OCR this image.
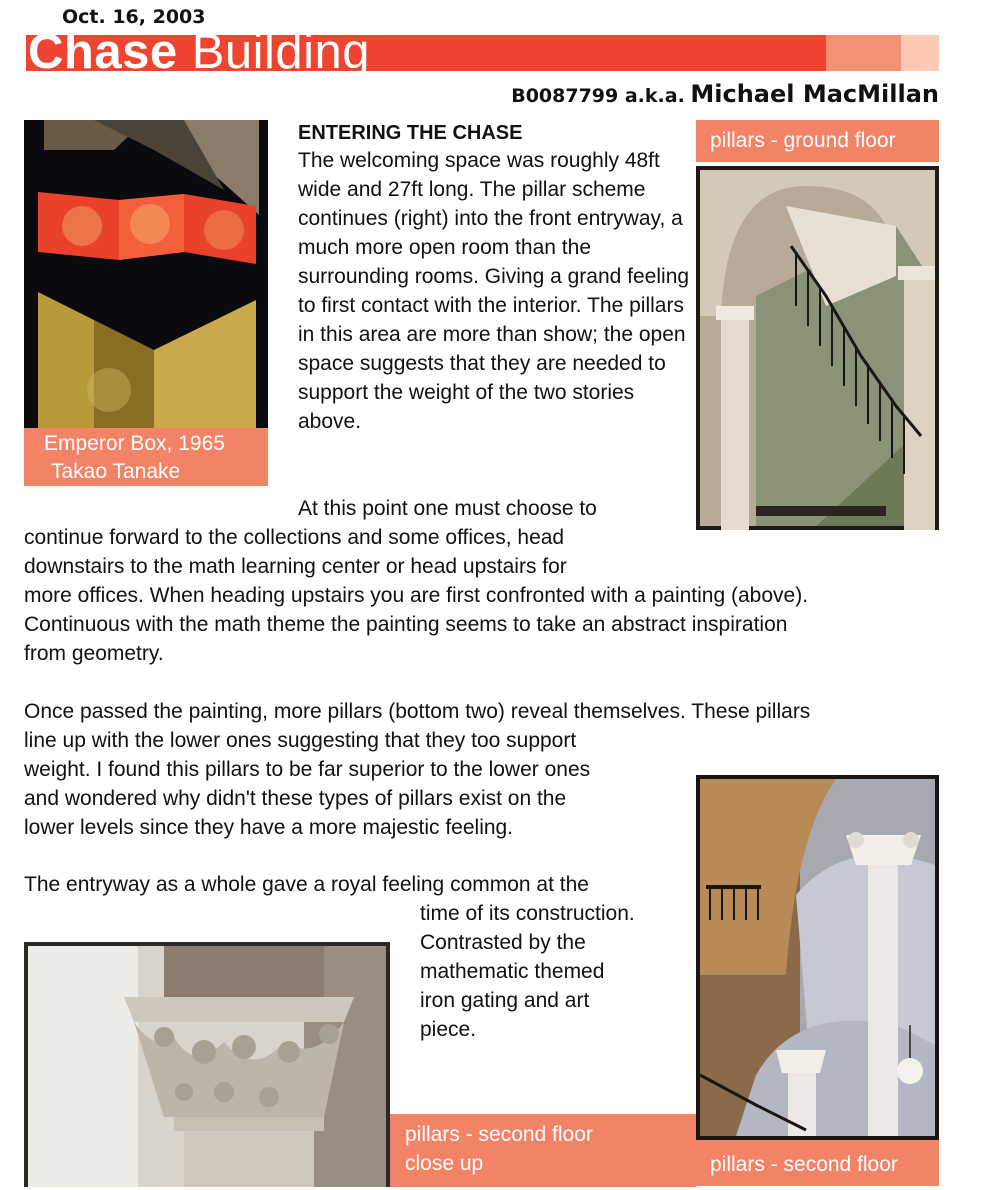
Oct. 16, 2003
Chase Building
B0087799 a.k.a. Michael MacMillan
Emperor Box, 1965
Takao Tanake
pillars - ground floor
ENTERING THE CHASE
The welcoming space was roughly 48ft wide and 27ft long. The pillar scheme continues (right) into the front entryway, a much more open room than the surrounding rooms. Giving a grand feeling to first contact with the interior. The pillars in this area are more than show; the open space suggests that they are needed to support the weight of the two stories above.
At this point one must choose to
continue forward to the collections and some offices, head
downstairs to the math learning center or head upstairs for
more offices. When heading upstairs you are first confronted with a painting (above).
Continuous with the math theme the painting seems to take an abstract inspiration
from geometry.
Once passed the painting, more pillars (bottom two) reveal themselves. These pillars
line up with the lower ones suggesting that they too support
weight. I found this pillars to be far superior to the lower ones
and wondered why didn't these types of pillars exist on the
lower levels since they have a more majestic feeling.
The entryway as a whole gave a royal feeling common at the
time of its construction.
Contrasted by the
mathematic themed
iron gating and art
piece.
pillars - second floor
pillars - second floor
close up
